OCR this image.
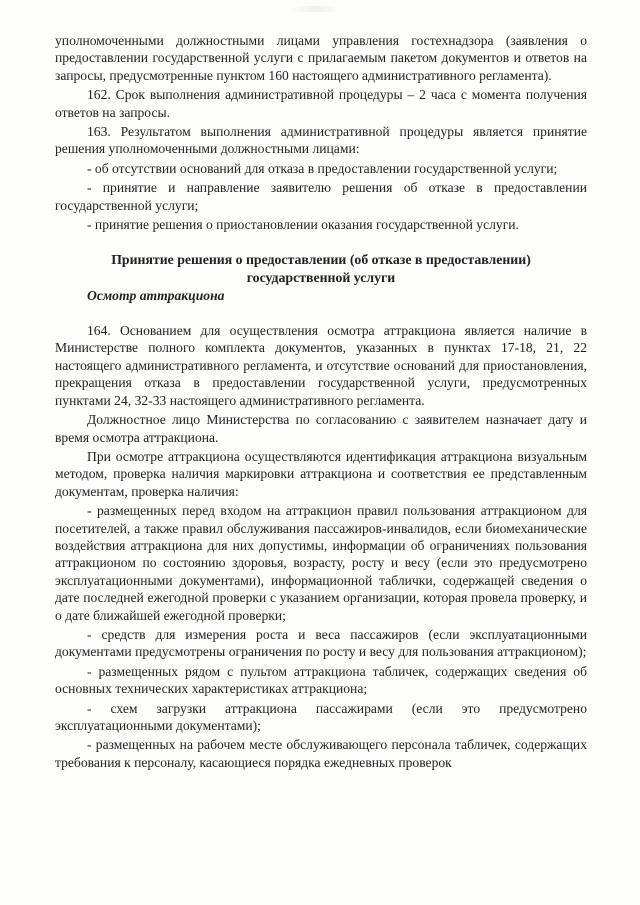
уполномоченными должностными лицами управления гостехнадзора (заявления о предоставлении государственной услуги с прилагаемым пакетом документов и ответов на запросы, предусмотренные пунктом 160 настоящего административного регламента).

162. Срок выполнения административной процедуры – 2 часа с момента получения ответов на запросы.

163. Результатом выполнения административной процедуры является принятие решения уполномоченными должностными лицами:

- об отсутствии оснований для отказа в предоставлении государственной услуги;

- принятие и направление заявителю решения об отказе в предоставлении государственной услуги;

- принятие решения о приостановлении оказания государственной услуги.

Принятие решения о предоставлении (об отказе в предоставлении)
государственной услуги

Осмотр аттракциона

164. Основанием для осуществления осмотра аттракциона является наличие в Министерстве полного комплекта документов, указанных в пунктах 17-18, 21, 22 настоящего административного регламента, и отсутствие оснований для приостановления, прекращения отказа в предоставлении государственной услуги, предусмотренных пунктами 24, 32-33 настоящего административного регламента.

Должностное лицо Министерства по согласованию с заявителем назначает дату и время осмотра аттракциона.

При осмотре аттракциона осуществляются идентификация аттракциона визуальным методом, проверка наличия маркировки аттракциона и соответствия ее представленным документам, проверка наличия:

- размещенных перед входом на аттракцион правил пользования аттракционом для посетителей, а также правил обслуживания пассажиров-инвалидов, если биомеханические воздействия аттракциона для них допустимы, информации об ограничениях пользования аттракционом по состоянию здоровья, возрасту, росту и весу (если это предусмотрено эксплуатационными документами), информационной таблички, содержащей сведения о дате последней ежегодной проверки с указанием организации, которая провела проверку, и о дате ближайшей ежегодной проверки;

- средств для измерения роста и веса пассажиров (если эксплуатационными документами предусмотрены ограничения по росту и весу для пользования аттракционом);

- размещенных рядом с пультом аттракциона табличек, содержащих сведения об основных технических характеристиках аттракциона;

- схем загрузки аттракциона пассажирами (если это предусмотрено эксплуатационными документами);

- размещенных на рабочем месте обслуживающего персонала табличек, содержащих требования к персоналу, касающиеся порядка ежедневных проверок
